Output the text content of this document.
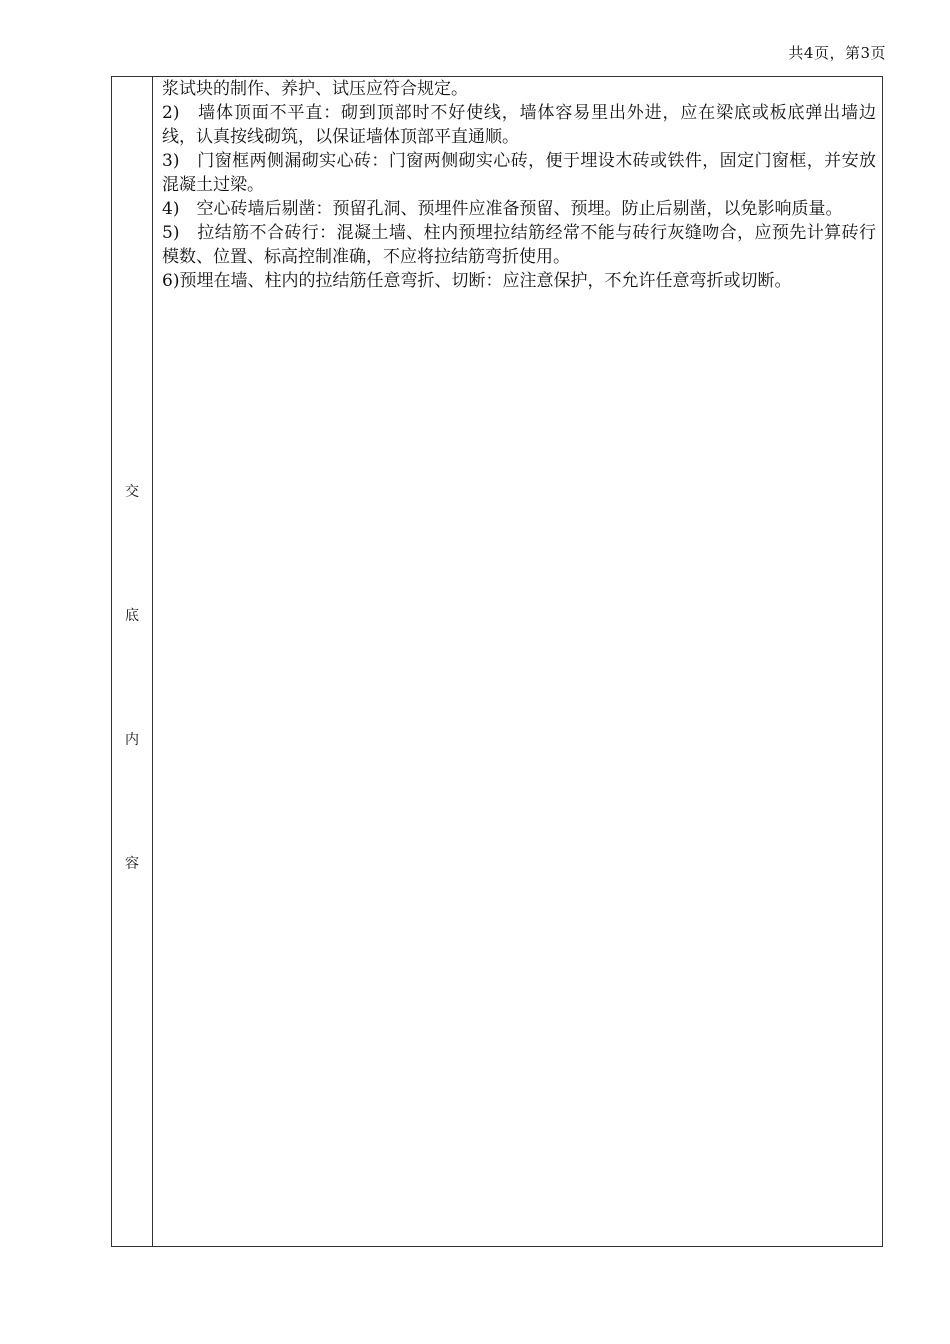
共4页，第3页
交
底
内
容

浆试块的制作、养护、试压应符合规定。

2)　墙体顶面不平直：砌到顶部时不好使线，墙体容易里出外进，应在梁底或板底弹出墙边线，认真按线砌筑，以保证墙体顶部平直通顺。

3)　门窗框两侧漏砌实心砖：门窗两侧砌实心砖，便于埋设木砖或铁件，固定门窗框，并安放混凝土过梁。

4)　空心砖墙后剔凿：预留孔洞、预埋件应准备预留、预埋。防止后剔凿，以免影响质量。

5)　拉结筋不合砖行：混凝土墙、柱内预埋拉结筋经常不能与砖行灰缝吻合，应预先计算砖行模数、位置、标高控制准确，不应将拉结筋弯折使用。

6)预埋在墙、柱内的拉结筋任意弯折、切断：应注意保护，不允许任意弯折或切断。
